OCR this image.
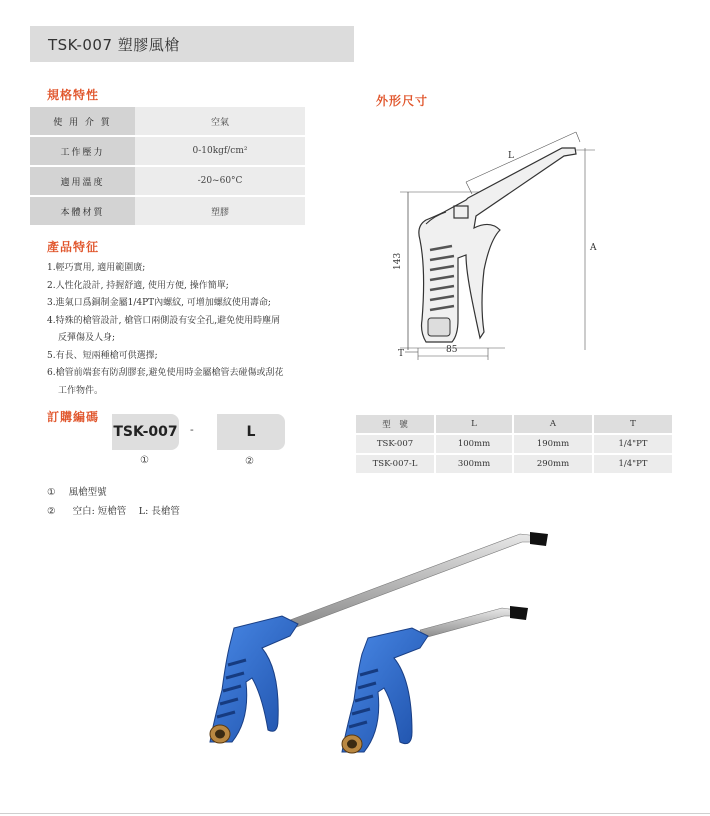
TSK-007 塑膠風槍
規格特性
使 用 介 質	空氣
工作壓力	0-10kgf/cm²
適用溫度	-20~60°C
本體材質	塑膠
外形尺寸
L
A
143
85
T
產品特征
1.輕巧實用, 適用範圍廣;
2.人性化設計, 持握舒適, 使用方便, 操作簡單;
3.進氣口爲銅制金屬1/4PT內螺紋, 可增加螺紋使用壽命;
4.特殊的槍管設計, 槍管口兩側設有安全孔,避免使用時塵屑
反彈傷及人身;
5.有長、短兩種槍可供選擇;
6.槍管前端套有防刮膠套,避免使用時金屬槍管去碰傷或刮花
工作物件。
訂購編碼
TSK-007 -	L
①	②
型　號	L	A	T
TSK-007	100mm	190mm	1/4"PT
TSK-007-L	300mm	290mm	1/4"PT
① 風槍型號
② 空白: 短槍管　 L: 長槍管
